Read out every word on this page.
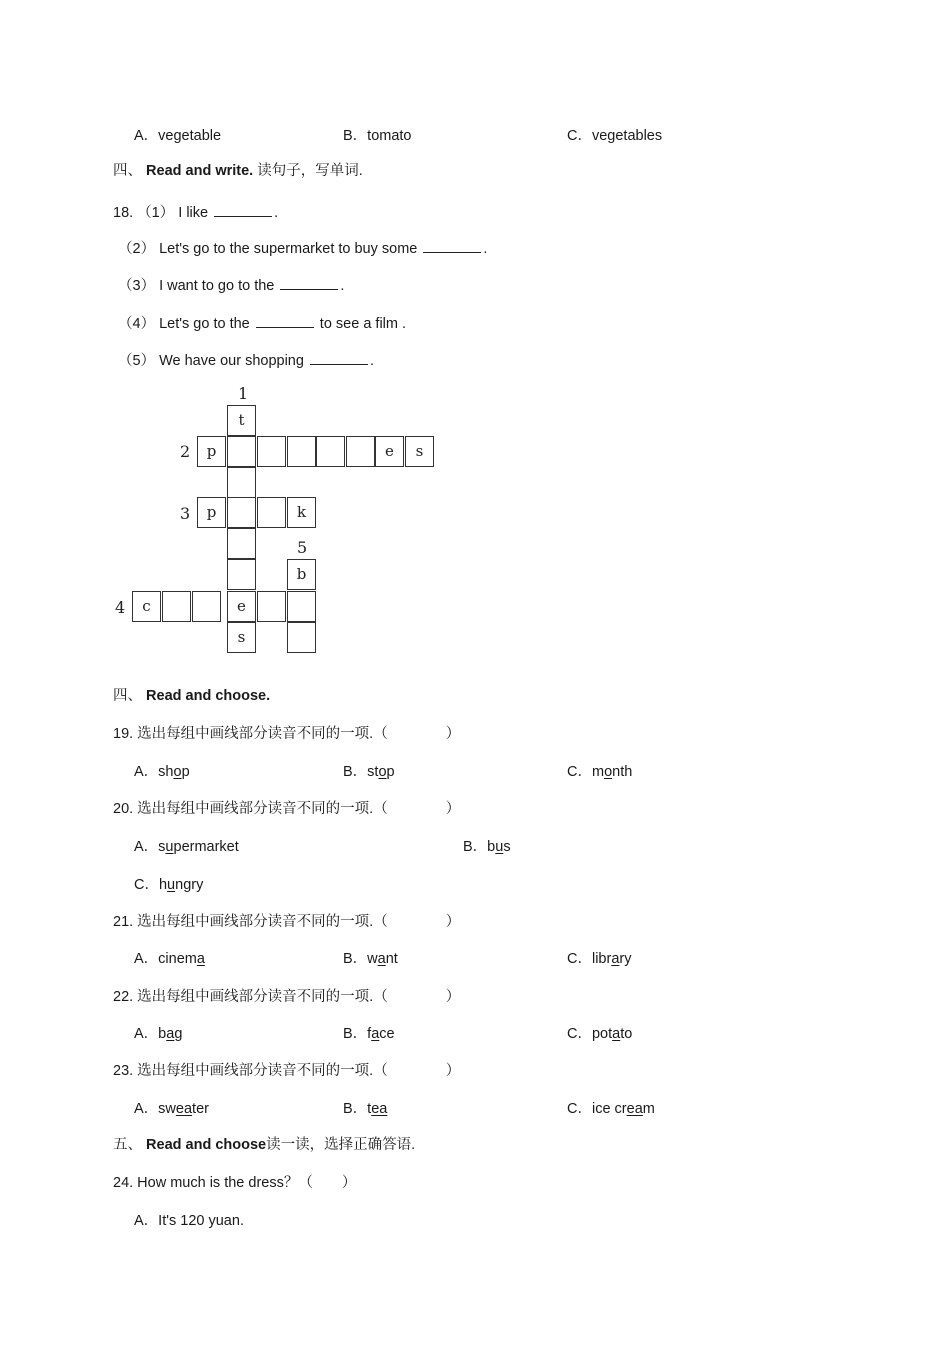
A．vegetable	B．tomato	C．vegetables
四、 Read and write. 读句子，写单词.
18. （1） I like	.
（2） Let's go to the supermarket to buy some	.
（3） I want to go to the	.
（4） Let's go to the	to see a film .
（5） We have our shopping	.
1
2
3
4
5
t
s
p	e	s
p	k
b
c	e
四、 Read and choose.
19. 选出每组中画线部分读音不同的一项.（　　　　）
A．shop	B．stop	C．month
20. 选出每组中画线部分读音不同的一项.（　　　　）
A．supermarket	B．bus
C．hungry
21. 选出每组中画线部分读音不同的一项.（　　　　）
A．cinema	B．want	C．library
22. 选出每组中画线部分读音不同的一项.（　　　　）
A．bag	B．face	C．potato
23. 选出每组中画线部分读音不同的一项.（　　　　）
A．sweater	B．tea	C．ice cream
五、 Read and choose读一读，选择正确答语.
24. How much is the dress？（　　）
A．It's 120 yuan.
